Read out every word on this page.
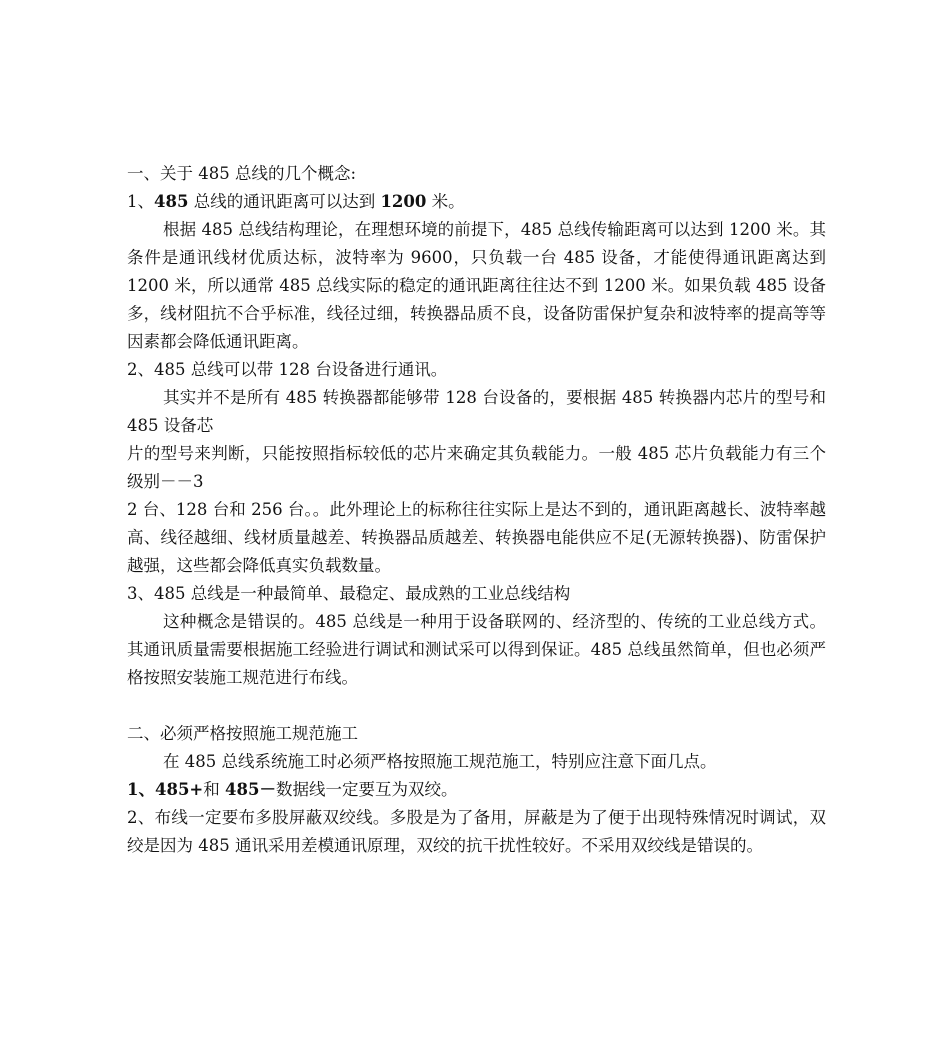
一、关于 485 总线的几个概念:

1、485 总线的通讯距离可以达到 1200 米。

根据 485 总线结构理论，在理想环境的前提下，485 总线传输距离可以达到 1200 米。其条件是通讯线材优质达标，波特率为 9600，只负载一台 485 设备，才能使得通讯距离达到 1200 米，所以通常 485 总线实际的稳定的通讯距离往往达不到 1200 米。如果负载 485 设备多，线材阻抗不合乎标准，线径过细，转换器品质不良，设备防雷保护复杂和波特率的提高等等因素都会降低通讯距离。

2、485 总线可以带 128 台设备进行通讯。

其实并不是所有 485 转换器都能够带 128 台设备的，要根据 485 转换器内芯片的型号和 485 设备芯

片的型号来判断，只能按照指标较低的芯片来确定其负载能力。一般 485 芯片负载能力有三个级别－－3

2 台、128 台和 256 台。。此外理论上的标称往往实际上是达不到的，通讯距离越长、波特率越高、线径越细、线材质量越差、转换器品质越差、转换器电能供应不足(无源转换器)、防雷保护越强，这些都会降低真实负载数量。

3、485 总线是一种最简单、最稳定、最成熟的工业总线结构

这种概念是错误的。485 总线是一种用于设备联网的、经济型的、传统的工业总线方式。其通讯质量需要根据施工经验进行调试和测试采可以得到保证。485 总线虽然简单，但也必须严格按照安装施工规范进行布线。

二、必须严格按照施工规范施工

在 485 总线系统施工时必须严格按照施工规范施工，特别应注意下面几点。

1、485+和 485－数据线一定要互为双绞。

2、布线一定要布多股屏蔽双绞线。多股是为了备用，屏蔽是为了便于出现特殊情况时调试，双绞是因为 485 通讯采用差模通讯原理，双绞的抗干扰性较好。不采用双绞线是错误的。
